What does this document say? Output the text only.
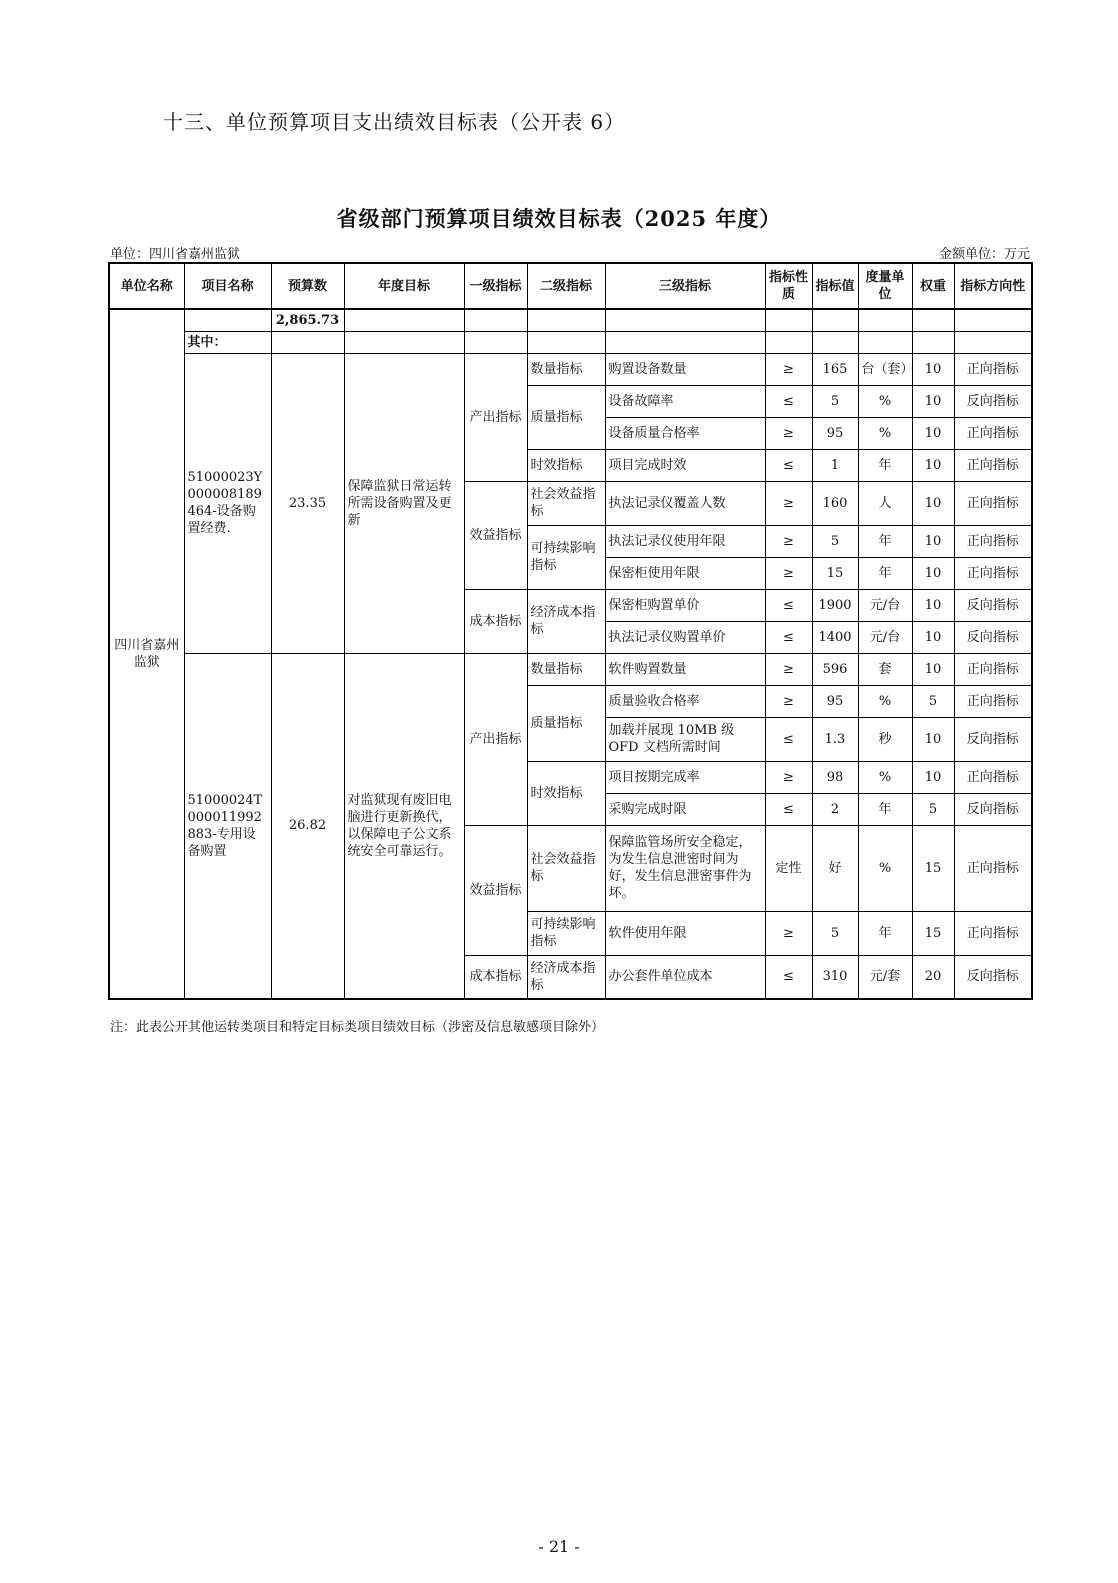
十三、单位预算项目支出绩效目标表（公开表 6）
省级部门预算项目绩效目标表（2025 年度）
单位：四川省嘉州监狱	金额单位：万元
单位名称	项目名称	预算数	年度目标	一级指标	二级指标	三级指标	指标性质	指标值	度量单位	权重	指标方向性
四川省嘉州监狱		2,865.73									
	其中：										
	51000023Y000008189464-设备购置经费.	23.35	保障监狱日常运转所需设备购置及更新	产出指标	数量指标	购置设备数量	≥	165	台（套）	10	正向指标
					质量指标	设备故障率	≤	5	%	10	反向指标
						设备质量合格率	≥	95	%	10	正向指标
					时效指标	项目完成时效	≤	1	年	10	正向指标
				效益指标	社会效益指标	执法记录仪覆盖人数	≥	160	人	10	正向指标
					可持续影响指标	执法记录仪使用年限	≥	5	年	10	正向指标
						保密柜使用年限	≥	15	年	10	正向指标
				成本指标	经济成本指标	保密柜购置单价	≤	1900	元/台	10	反向指标
						执法记录仪购置单价	≤	1400	元/台	10	反向指标
	51000024T000011992883-专用设备购置	26.82	对监狱现有废旧电脑进行更新换代，以保障电子公文系统安全可靠运行。	产出指标	数量指标	软件购置数量	≥	596	套	10	正向指标
					质量指标	质量验收合格率	≥	95	%	5	正向指标
						加载并展现 10MB 级 OFD 文档所需时间	≤	1.3	秒	10	反向指标
					时效指标	项目按期完成率	≥	98	%	10	正向指标
						采购完成时限	≤	2	年	5	反向指标
				效益指标	社会效益指标	保障监管场所安全稳定，为发生信息泄密时间为好，发生信息泄密事件为坏。	定性	好	%	15	正向指标
					可持续影响指标	软件使用年限	≥	5	年	15	正向指标
				成本指标	经济成本指标	办公套件单位成本	≤	310	元/套	20	反向指标
注：此表公开其他运转类项目和特定目标类项目绩效目标（涉密及信息敏感项目除外）
- 21 -
